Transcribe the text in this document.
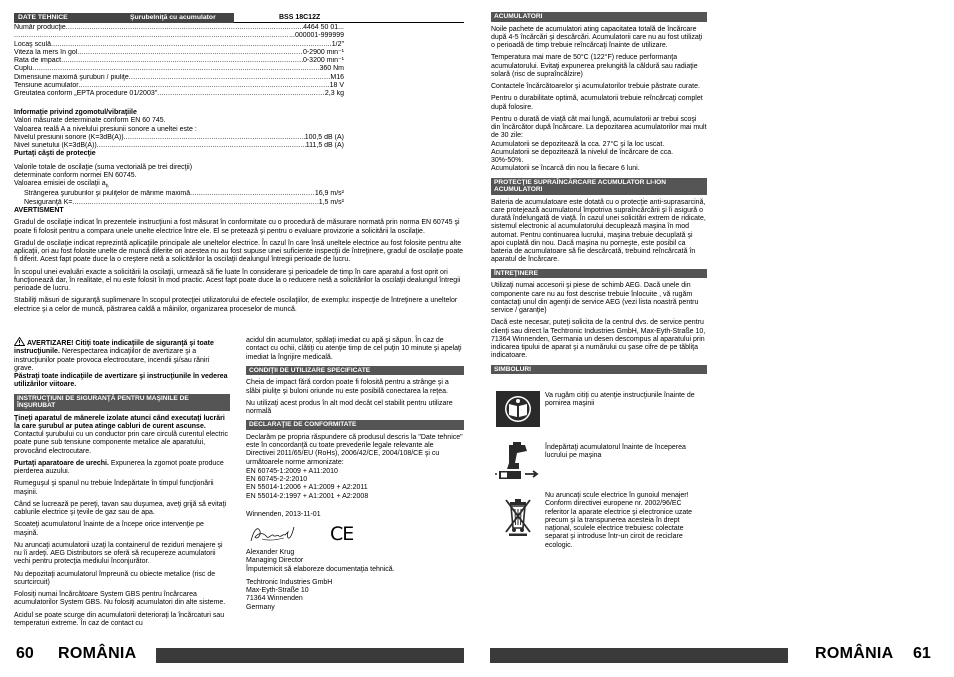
DATE TEHNICE	Şurubelniţă cu acumulator	BSS 18C12Z
Număr producţie .....	4464 50 01...
.....
...000001-999999
Locaş sculă .....	1/2"
Viteza la mers în gol .....	0-2900 min⁻¹
Rata de impact .....	0-3200 min⁻¹
Cuplu .....	360 Nm
Dimensiune maximă şuruburi / piuliţe .....	M16
Tensiune acumulator .....	18 V
Greutatea conform „EPTA procedure 01/2003" .....	2,3 kg
Informaţie privind zgomotul/vibraţiile
Valori măsurate determinate conform EN 60 745.
Valoarea reală A a nivelului presiunii sonore a uneltei este :
Nivelul presiunii sonore (K=3dB(A)) .....	100,5 dB (A)
Nivel sunetului (K=3dB(A)) .....	111,5 dB (A)
Purtaţi căşti de protecţie
Valorile totale de oscilaţie (suma vectorială pe trei direcţii)
determinate conform normei EN 60745.
Valoarea emisiei de oscilaţii $a_h$
Strângerea şuruburilor şi piuliţelor de mărime maximă .....	16,9 m/s²
Nesiguranţă K= .....	1,5 m/s²
AVERTISMENT

Gradul de oscilaţie indicat în prezentele instrucţiuni a fost măsurat în conformitate cu o procedură de măsurare normată prin norma EN 60745 şi poate fi folosit pentru a compara unele unelte electrice între ele. El se pretează şi pentru o evaluare provizorie a solicitării la oscilaţie.

Gradul de oscilaţie indicat reprezintă aplicaţiile principale ale uneltelor electrice. În cazul în care însă uneltele electrice au fost folosite pentru alte aplicaţii, ori au fost folosite unelte de muncă diferite ori acestea nu au fost supuse unei suficiente inspecţii de întreţinere, gradul de oscilaţie poate fi diferit. Acest fapt poate duce la o creştere netă a solicitărilor la oscilaţii dealungul întregii perioade de lucru.

În scopul unei evaluări exacte a solicitării la oscilaţii, urmează să fie luate în considerare şi perioadele de timp în care aparatul a fost oprit ori funcţionează dar, în realitate, el nu este folosit în mod practic. Acest fapt poate duce la o reducere netă a solicitărilor la oscilaţii dealungul întregii perioade de lucru.

Stabiliţi măsuri de siguranţă suplimenare în scopul protecţiei utilizatorului de efectele oscilaţiilor, de exemplu: inspecţie de întreţinere a uneltelor electrice şi a celor de muncă, păstrarea caldă a mâinilor, organizarea proceselor de muncă.

AVERTIZARE! Citiţi toate indicaţiile de siguranţă şi toate instrucţiunile. Nerespectarea indicaţiilor de avertizare şi a instrucţiunilor poate provoca electrocutare, incendii şi/sau răniri grave.
Păstraţi toate indicaţiile de avertizare şi instrucţiunile în vederea utilizărilor viitoare.

INSTRUCŢIUNI DE SIGURANŢĂ PENTRU MAŞINILE DE ÎNŞURUBAT

Ţineţi aparatul de mânerele izolate atunci când executaţi lucrări la care şurubul ar putea atinge cabluri de curent ascunse. Contactul şurubului cu un conductor prin care circulă curentul electric poate pune sub tensiune componente metalice ale aparatului, provocând electrocutare.

Purtaţi aparatoare de urechi. Expunerea la zgomot poate produce pierderea auzului.

Rumeguşul şi spanul nu trebuie îndepărtate în timpul funcţionării maşinii.

Când se lucrează pe pereţi, tavan sau duşumea, aveţi grijă să evitaţi cablurile electrice şi ţevile de gaz sau de apa.

Scoateţi acumulatorul înainte de a începe orice intervenţie pe maşină.

Nu aruncaţi acumulatorii uzaţi la containerul de reziduri menajere şi nu îi ardeţi. AEG Distributors se oferă să recupereze acumulatorii vechi pentru protecţia mediului înconjurător.

Nu depozitaţi acumulatorul împreună cu obiecte metalice (risc de scurtcircuit)

Folosiţi numai încărcătoare System GBS pentru încărcarea acumulatorilor System GBS. Nu folosiţi acumulatori din alte sisteme.

Acidul se poate scurge din acumulatorii deterioraţi la încărcaturi sau temperaturi extreme. În caz de contact cu

acidul din acumulator, spălaţi imediat cu apă şi săpun. În caz de contact cu ochii, clătiţi cu atenţie timp de cel puţin 10 minute şi apelaţi imediat la îngrijire medicală.

CONDIŢII DE UTILIZARE SPECIFICATE

Cheia de impact fără cordon poate fi folosită pentru a strânge şi a slăbi piuliţe şi buloni oriunde nu este posibilă conectarea la reţea.

Nu utilizaţi acest produs în alt mod decât cel stabilit pentru utilizare normală

DECLARAŢIE DE CONFORMITATE

Declarăm pe propria răspundere că produsul descris la "Date tehnice" este în concordanţă cu toate prevederile legale relevante ale Directivei 2011/65/EU (RoHs), 2006/42/CE, 2004/108/CE şi cu următoarele norme armonizate:

EN 60745-1:2009 + A11:2010
EN 60745-2-2:2010
EN 55014-1:2006 + A1:2009 + A2:2011
EN 55014-2:1997 + A1:2001 + A2:2008
Winnenden, 2013-11-01
CE
Alexander Krug
Managing Director
Împuternicit să elaboreze documentaţia tehnică.
Techtronic Industries GmbH
Max-Eyth-Straße 10
71364 Winnenden
Germany
60 ROMÂNIA
ACUMULATORI

Noile pachete de acumulatori ating capacitatea totală de încărcare după 4-5 încărcări şi descărcări. Acumulatorii care nu au fost utilizaţi o perioadă de timp trebuie reîncărcaţi înainte de utilizare.

Temperatura mai mare de 50°C (122°F) reduce performanţa acumulatorului. Evitaţi expunerea prelungită la căldură sau radiaţie solară (risc de supraîncălzire)

Contactele încărcătoarelor şi acumulatorilor trebuie păstrate curate.

Pentru o durabilitate optimă, acumulatorii trebuie reîncărcaţi complet după folosire.

Pentru o durată de viaţă cât mai lungă, acumulatorii ar trebui scoşi din încărcător după încărcare. La depozitarea acumulatorilor mai mult de 30 zile:
Acumulatorii se depozitează la cca. 27°C şi la loc uscat.
Acumulatorii se depozitează la nivelul de încărcare de cca. 30%-50%.
Acumulatorii se încarcă din nou la fiecare 6 luni.

PROTECŢIE SUPRAÎNCĂRCARE ACUMULATOR LI-ION ACUMULATORI

Bateria de acumulatoare este dotată cu o protecţie anti-suprasarcină, care protejează acumulatorul împotriva supraîncărcării şi îi asigură o durată îndelungată de viaţă. În cazul unei solicitări extrem de ridicate, sistemul electronic al acumulatorului decuplează maşina în mod automat. Pentru continuarea lucrului, maşina trebuie decuplată şi apoi cuplată din nou. Dacă maşina nu porneşte, este posibil ca bateria de acumulatoare să fie descărcată, trebuind reîncărcată în aparatul de încărcare.

ÎNTREŢINERE

Utilizaţi numai accesorii şi piese de schimb AEG. Dacă unele din componente care nu au fost descrise trebuie înlocuite , vă rugăm contactaţi unul din agenţii de service AEG (vezi lista noastră pentru service / garanţie)

Dacă este necesar, puteţi solicita de la centrul dvs. de service pentru clienţi sau direct la Techtronic Industries GmbH, Max-Eyth-Straße 10, 71364 Winnenden, Germania un desen descompus al aparatului prin indicarea tipului de aparat şi a numărului cu şase cifre de pe tăbliţa indicatoare.

SIMBOLURI
Va rugăm citiţi cu atenţie instrucţiunile înainte de pornirea maşinii
Îndepărtaţi acumulatorul înainte de începerea lucrului pe maşina
Nu aruncaţi scule electrice în gunoiul menajer! Conform directivei europene nr. 2002/96/EC referitor la aparate electrice şi electronice uzate precum şi la transpunerea acesteia în drept naţional, sculele electrice trebuiesc colectate separat şi introduse într-un circit de reciclare ecologic.
ROMÂNIA 61
